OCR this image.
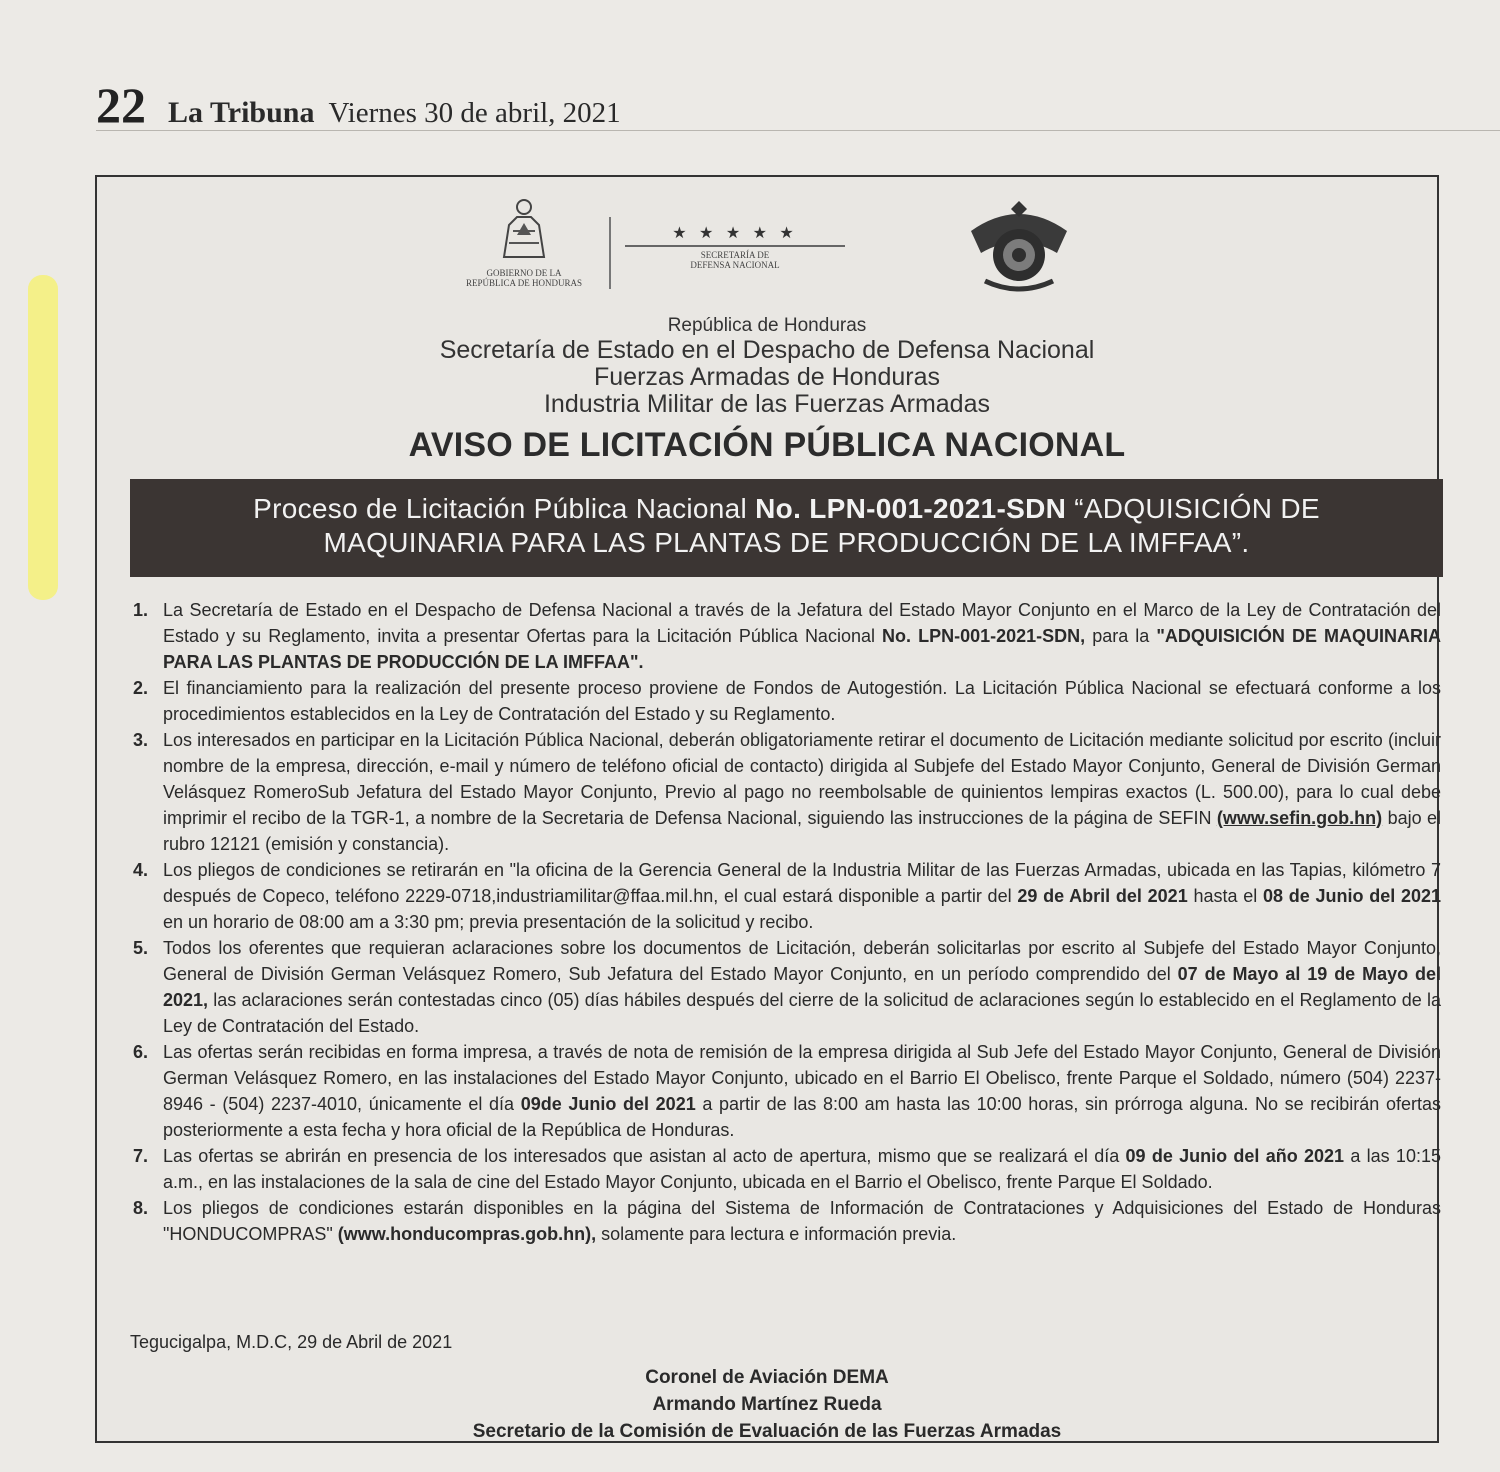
22 La Tribuna Viernes 30 de abril, 2021
GOBIERNO DE LA
REPÚBLICA DE HONDURAS
★ ★ ★ ★ ★
SECRETARÍA DE
DEFENSA NACIONAL
República de Honduras
Secretaría de Estado en el Despacho de Defensa Nacional
Fuerzas Armadas de Honduras
Industria Militar de las Fuerzas Armadas
AVISO DE LICITACIÓN PÚBLICA NACIONAL
Proceso de Licitación Pública Nacional No. LPN-001-2021-SDN “ADQUISICIÓN DE
MAQUINARIA PARA LAS PLANTAS DE PRODUCCIÓN DE LA IMFFAA”.
1. La Secretaría de Estado en el Despacho de Defensa Nacional a través de la Jefatura del Estado Mayor Conjunto en el Marco de la Ley de Contratación del Estado y su Reglamento, invita a presentar Ofertas para la Licitación Pública Nacional No. LPN-001-2021-SDN, para la "ADQUISICIÓN DE MAQUINARIA PARA LAS PLANTAS DE PRODUCCIÓN DE LA IMFFAA".
2. El financiamiento para la realización del presente proceso proviene de Fondos de Autogestión. La Licitación Pública Nacional se efectuará conforme a los procedimientos establecidos en la Ley de Contratación del Estado y su Reglamento.
3. Los interesados en participar en la Licitación Pública Nacional, deberán obligatoriamente retirar el documento de Licitación mediante solicitud por escrito (incluir nombre de la empresa, dirección, e-mail y número de teléfono oficial de contacto) dirigida al Subjefe del Estado Mayor Conjunto, General de División German Velásquez RomeroSub Jefatura del Estado Mayor Conjunto, Previo al pago no reembolsable de quinientos lempiras exactos (L. 500.00), para lo cual debe imprimir el recibo de la TGR-1, a nombre de la Secretaria de Defensa Nacional, siguiendo las instrucciones de la página de SEFIN (www.sefin.gob.hn) bajo el rubro 12121 (emisión y constancia).
4. Los pliegos de condiciones se retirarán en "la oficina de la Gerencia General de la Industria Militar de las Fuerzas Armadas, ubicada en las Tapias, kilómetro 7 después de Copeco, teléfono 2229-0718,industriamilitar@ffaa.mil.hn, el cual estará disponible a partir del 29 de Abril del 2021 hasta el 08 de Junio del 2021 en un horario de 08:00 am a 3:30 pm; previa presentación de la solicitud y recibo.
5. Todos los oferentes que requieran aclaraciones sobre los documentos de Licitación, deberán solicitarlas por escrito al Subjefe del Estado Mayor Conjunto, General de División German Velásquez Romero, Sub Jefatura del Estado Mayor Conjunto, en un período comprendido del 07 de Mayo al 19 de Mayo del 2021, las aclaraciones serán contestadas cinco (05) días hábiles después del cierre de la solicitud de aclaraciones según lo establecido en el Reglamento de la Ley de Contratación del Estado.
6. Las ofertas serán recibidas en forma impresa, a través de nota de remisión de la empresa dirigida al Sub Jefe del Estado Mayor Conjunto, General de División German Velásquez Romero, en las instalaciones del Estado Mayor Conjunto, ubicado en el Barrio El Obelisco, frente Parque el Soldado, número (504) 2237-8946 - (504) 2237-4010, únicamente el día 09de Junio del 2021 a partir de las 8:00 am hasta las 10:00 horas, sin prórroga alguna. No se recibirán ofertas posteriormente a esta fecha y hora oficial de la República de Honduras.
7. Las ofertas se abrirán en presencia de los interesados que asistan al acto de apertura, mismo que se realizará el día 09 de Junio del año 2021 a las 10:15 a.m., en las instalaciones de la sala de cine del Estado Mayor Conjunto, ubicada en el Barrio el Obelisco, frente Parque El Soldado.
8. Los pliegos de condiciones estarán disponibles en la página del Sistema de Información de Contrataciones y Adquisiciones del Estado de Honduras "HONDUCOMPRAS" (www.honducompras.gob.hn), solamente para lectura e información previa.
Tegucigalpa, M.D.C, 29 de Abril de 2021
Coronel de Aviación DEMA
Armando Martínez Rueda
Secretario de la Comisión de Evaluación de las Fuerzas Armadas
